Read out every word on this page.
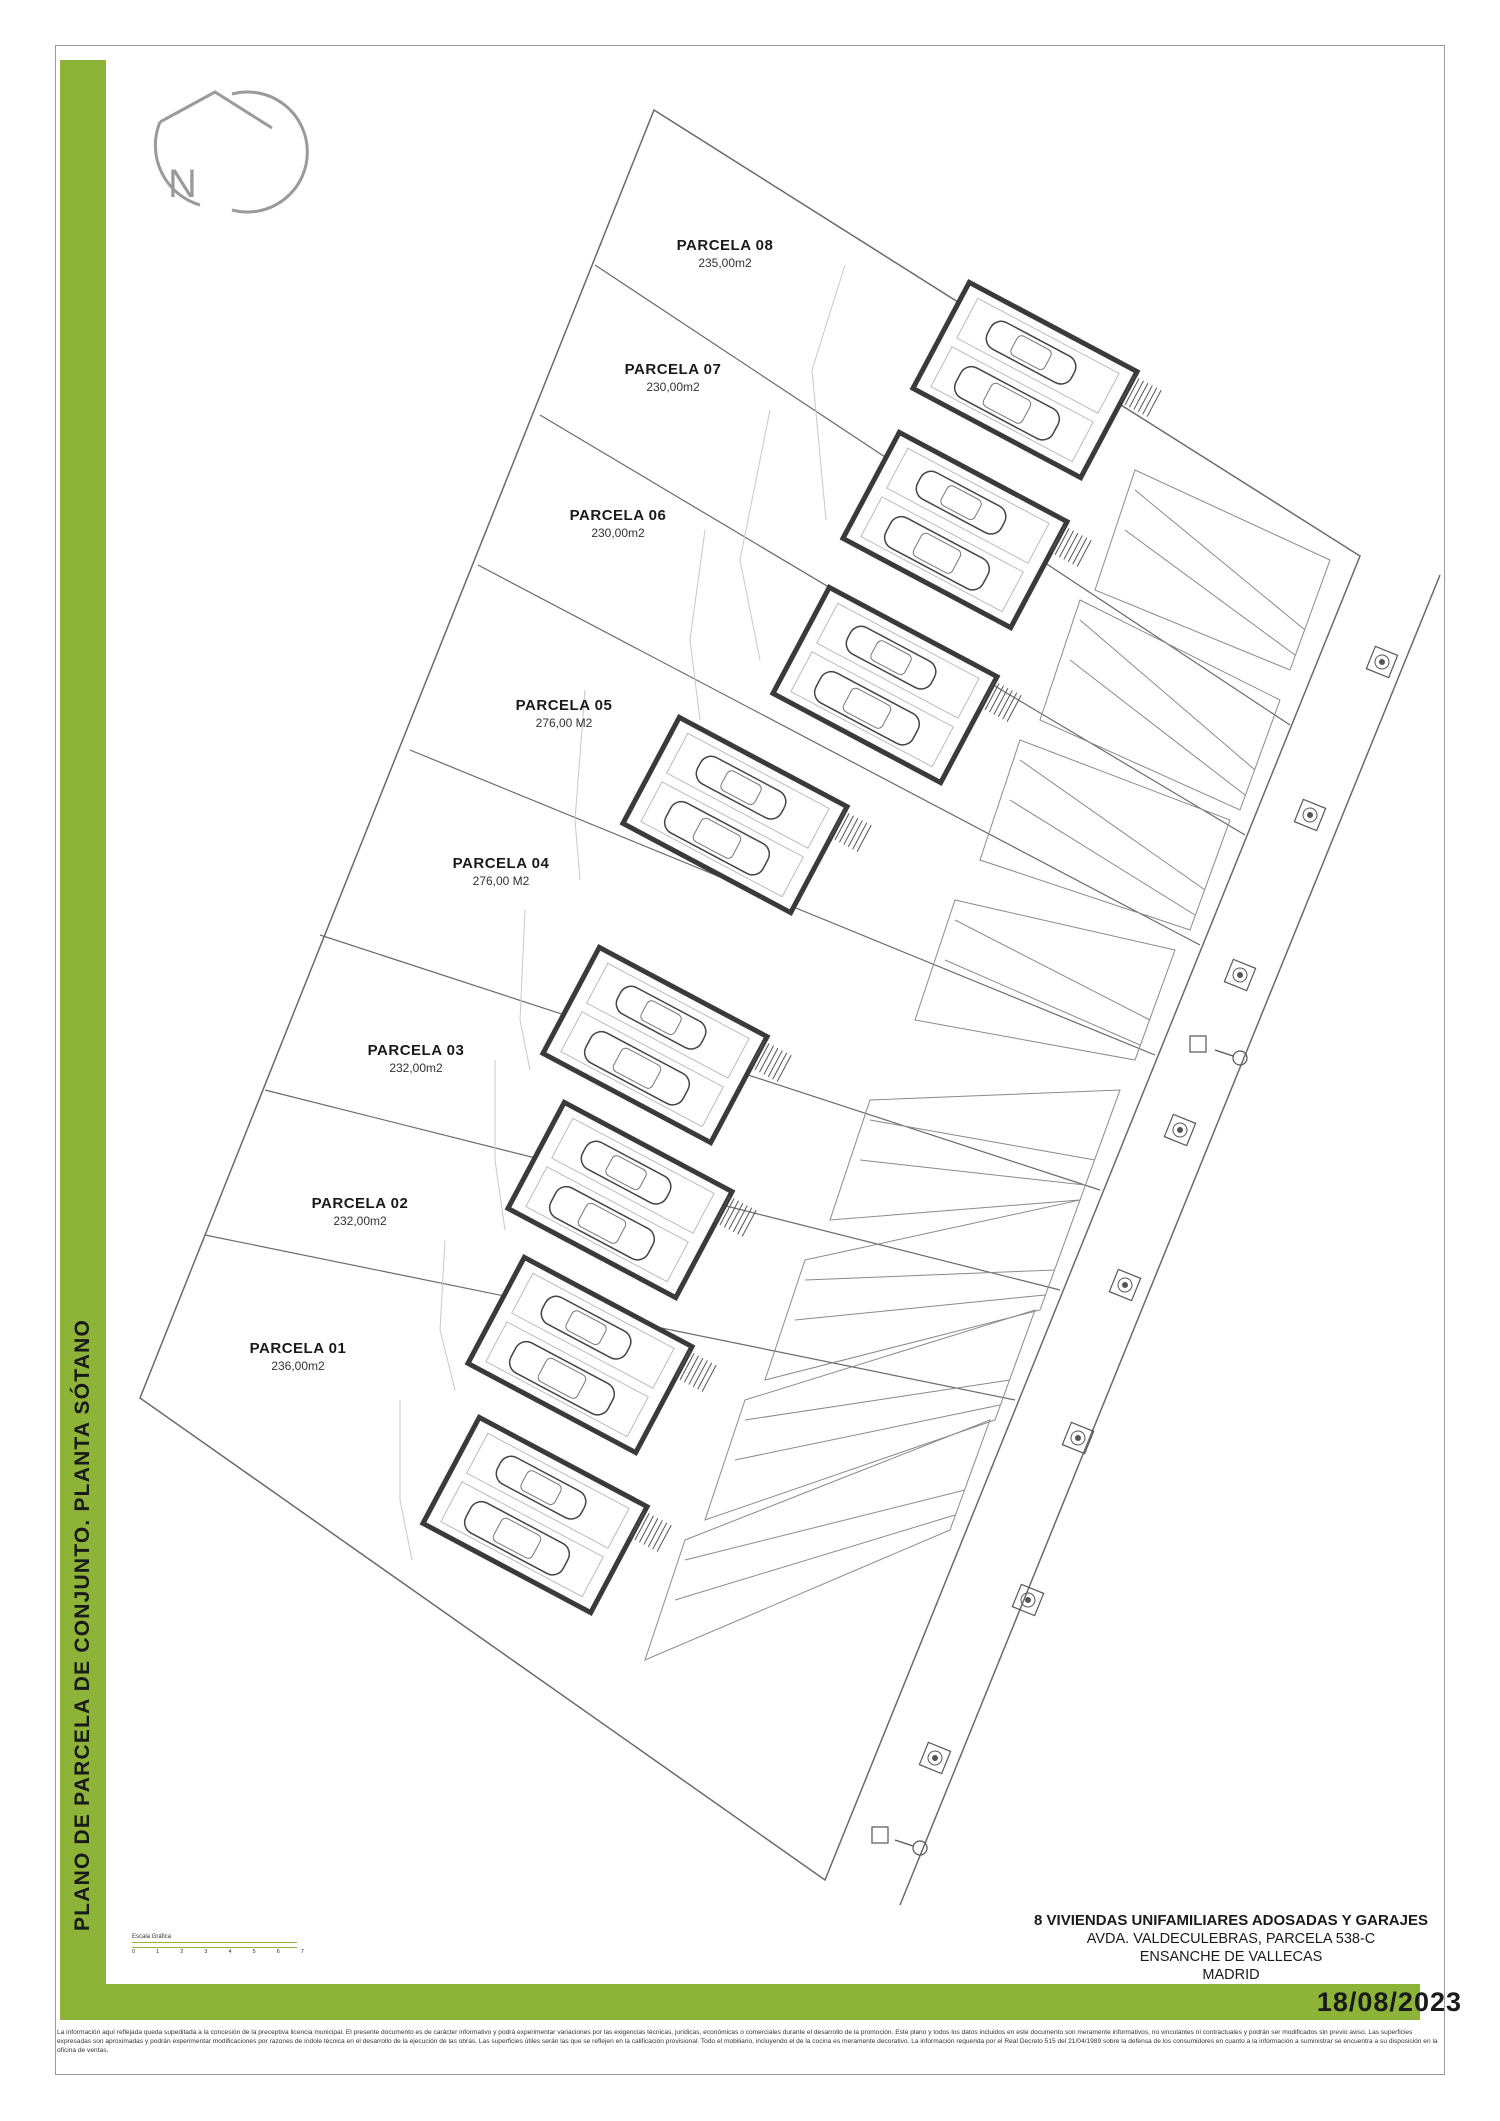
PLANO DE PARCELA DE CONJUNTO. PLANTA SÓTANO
N
PARCELA 08
235,00m2
PARCELA 07
230,00m2
PARCELA 06
230,00m2
PARCELA 05
276,00 M2
PARCELA 04
276,00 M2
PARCELA 03
232,00m2
PARCELA 02
232,00m2
PARCELA 01
236,00m2
Escala Gráfica
0	1	2	3	4	5	6	7
8 VIVIENDAS UNIFAMILIARES ADOSADAS Y GARAJES
AVDA. VALDECULEBRAS, PARCELA 538-C
ENSANCHE DE VALLECAS
MADRID
18/08/2023
La información aquí reflejada queda supeditada a la concesión de la preceptiva licencia municipal. El presente documento es de carácter informativo y podrá experimentar variaciones por las exigencias técnicas, jurídicas, económicas o comerciales durante el desarrollo de la promoción. Este plano y todos los datos incluidos en este documento son meramente informativos, no vinculantes ni contractuales y podrán ser modificados sin previo aviso. Las superficies expresadas son aproximadas y podrán experimentar modificaciones por razones de índole técnica en el desarrollo de la ejecución de las obras. Las superficies útiles serán las que se reflejen en la calificación provisional. Todo el mobiliario, incluyendo el de la cocina es meramente decorativo. La información requerida por el Real Decreto 515 del 21/04/1989 sobre la defensa de los consumidores en cuanto a la información a suministrar se encuentra a su disposición en la oficina de ventas.
